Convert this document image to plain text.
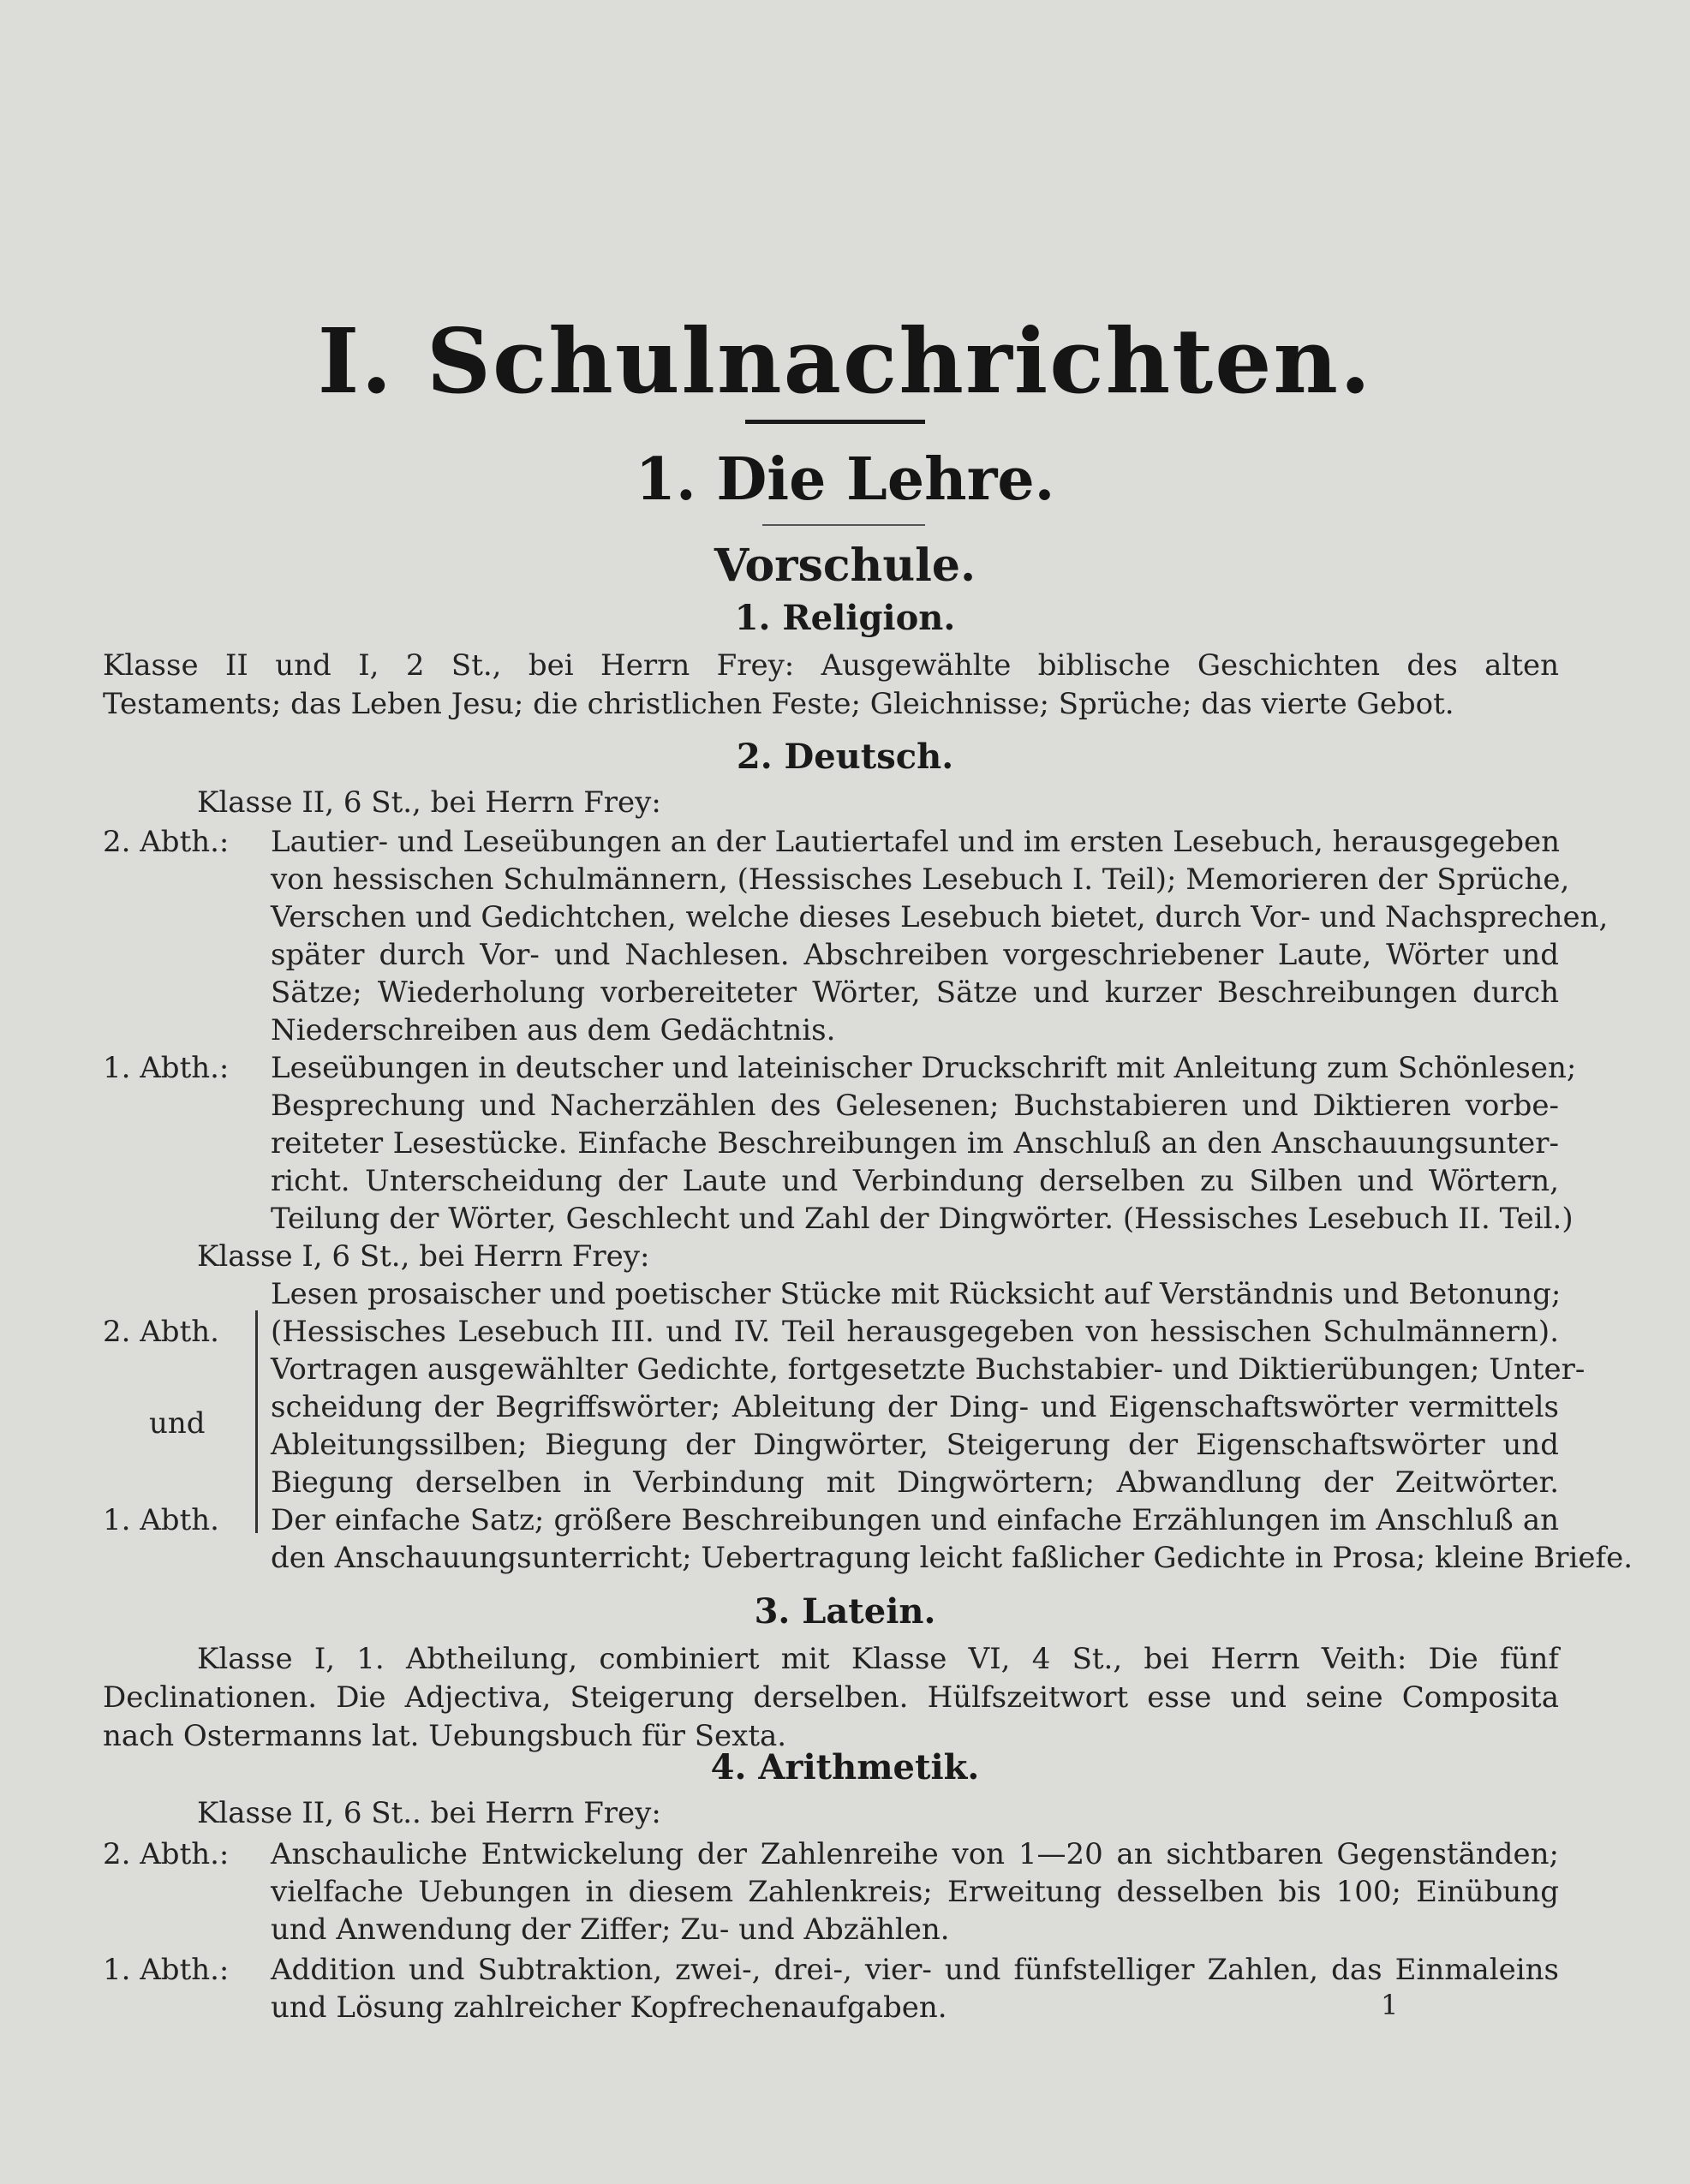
I. Schulnachrichten.
1. Die Lehre.
Vorschule.
1. Religion.
Klasse II und I, 2 St., bei Herrn Frey: Ausgewählte biblische Geschichten des alten
Testaments; das Leben Jesu; die christlichen Feste; Gleichnisse; Sprüche; das vierte Gebot.
2. Deutsch.
Klasse II, 6 St., bei Herrn Frey:
2. Abth.: Lautier- und Leseübungen an der Lautiertafel und im ersten Lesebuch, herausgegeben
von hessischen Schulmännern, (Hessisches Lesebuch I. Teil); Memorieren der Sprüche,
Verschen und Gedichtchen, welche dieses Lesebuch bietet, durch Vor- und Nachsprechen,
später durch Vor- und Nachlesen. Abschreiben vorgeschriebener Laute, Wörter und
Sätze; Wiederholung vorbereiteter Wörter, Sätze und kurzer Beschreibungen durch
Niederschreiben aus dem Gedächtnis.
1. Abth.: Leseübungen in deutscher und lateinischer Druckschrift mit Anleitung zum Schönlesen;
Besprechung und Nacherzählen des Gelesenen; Buchstabieren und Diktieren vorbe-
reiteter Lesestücke. Einfache Beschreibungen im Anschluß an den Anschauungsunter-
richt. Unterscheidung der Laute und Verbindung derselben zu Silben und Wörtern,
Teilung der Wörter, Geschlecht und Zahl der Dingwörter. (Hessisches Lesebuch II. Teil.)
Klasse I, 6 St., bei Herrn Frey:
2. Abth.
und
1. Abth.
Lesen prosaischer und poetischer Stücke mit Rücksicht auf Verständnis und Betonung;
(Hessisches Lesebuch III. und IV. Teil herausgegeben von hessischen Schulmännern).
Vortragen ausgewählter Gedichte, fortgesetzte Buchstabier- und Diktierübungen; Unter-
scheidung der Begriffswörter; Ableitung der Ding- und Eigenschaftswörter vermittels
Ableitungssilben; Biegung der Dingwörter, Steigerung der Eigenschaftswörter und
Biegung derselben in Verbindung mit Dingwörtern; Abwandlung der Zeitwörter.
Der einfache Satz; größere Beschreibungen und einfache Erzählungen im Anschluß an
den Anschauungsunterricht; Uebertragung leicht faßlicher Gedichte in Prosa; kleine Briefe.
3. Latein.
Klasse I, 1. Abtheilung, combiniert mit Klasse VI, 4 St., bei Herrn Veith: Die fünf
Declinationen. Die Adjectiva, Steigerung derselben. Hülfszeitwort esse und seine Composita
nach Ostermanns lat. Uebungsbuch für Sexta.
4. Arithmetik.
Klasse II, 6 St.. bei Herrn Frey:
2. Abth.: Anschauliche Entwickelung der Zahlenreihe von 1—20 an sichtbaren Gegenständen;
vielfache Uebungen in diesem Zahlenkreis; Erweitung desselben bis 100; Einübung
und Anwendung der Ziffer; Zu- und Abzählen.
1. Abth.: Addition und Subtraktion, zwei-, drei-, vier- und fünfstelliger Zahlen, das Einmaleins
und Lösung zahlreicher Kopfrechenaufgaben.	1
